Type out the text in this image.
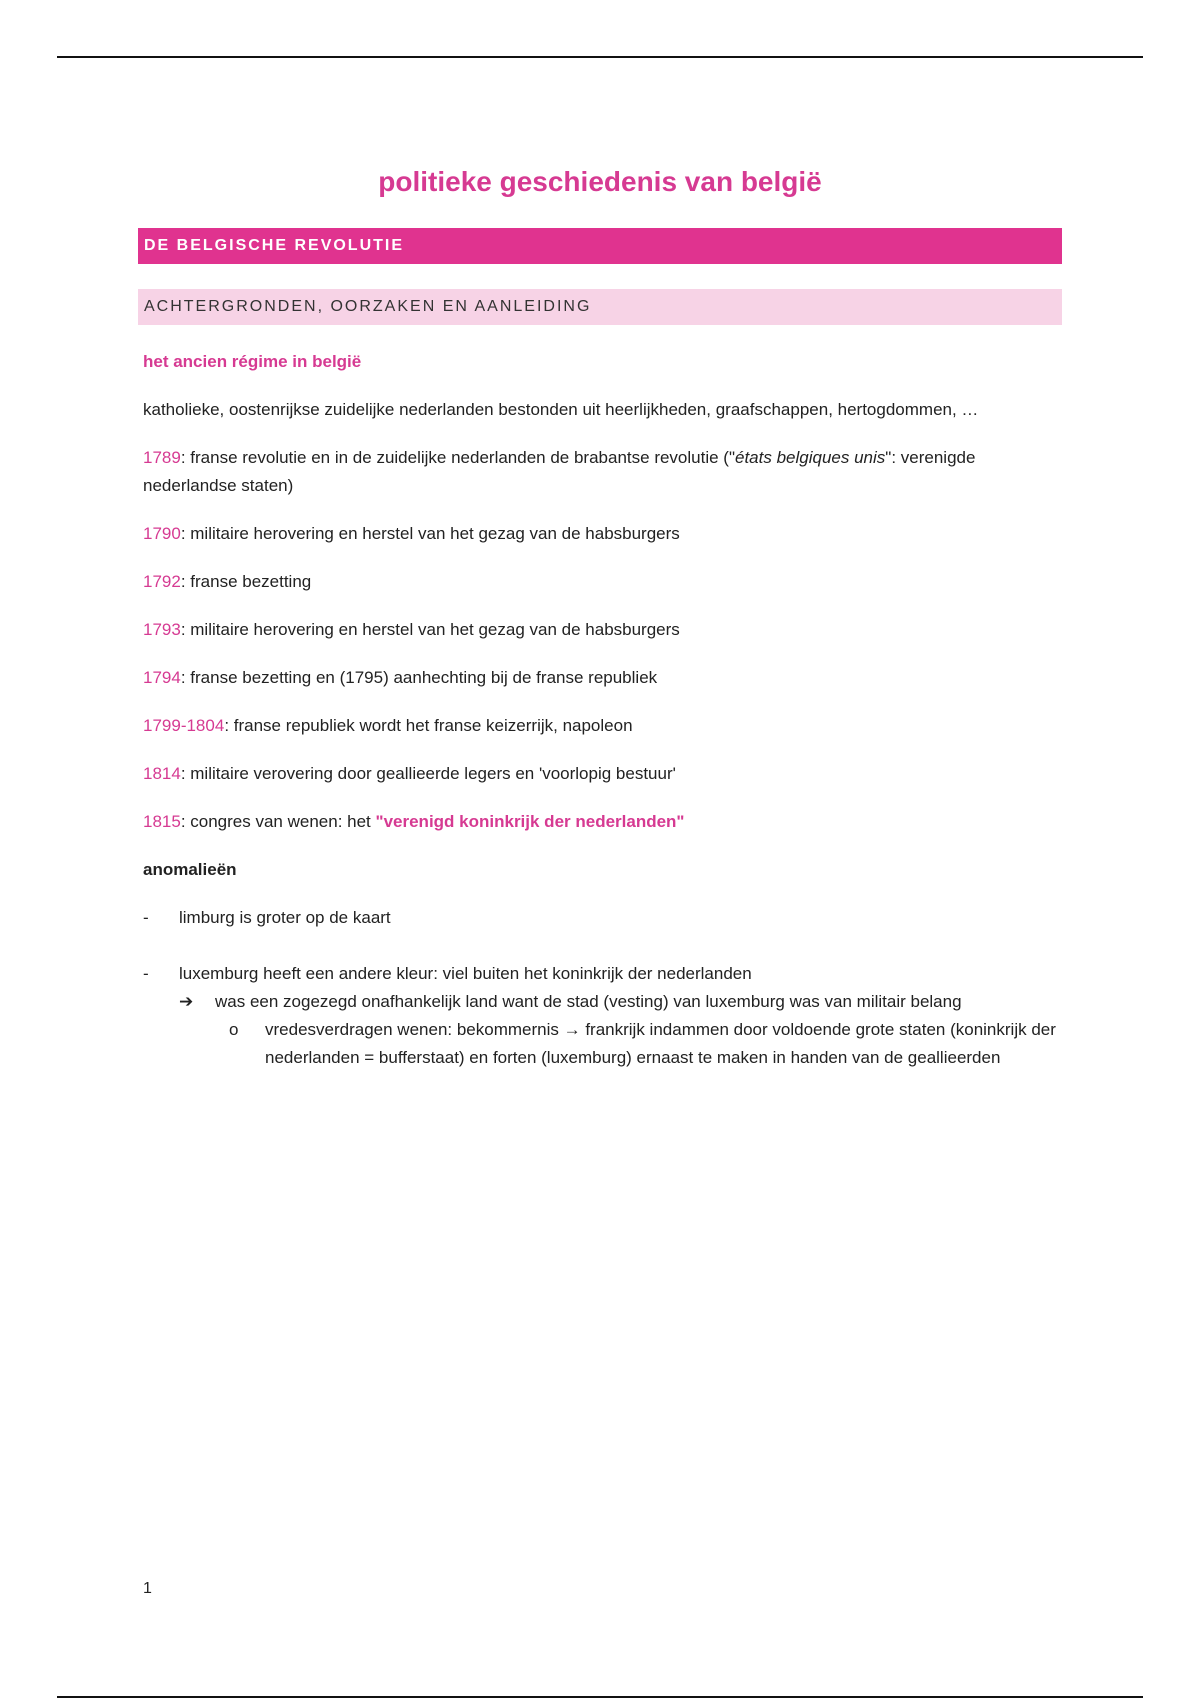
politieke geschiedenis van belgië
DE BELGISCHE REVOLUTIE
ACHTERGRONDEN, OORZAKEN EN AANLEIDING

het ancien régime in belgië

katholieke, oostenrijkse zuidelijke nederlanden bestonden uit heerlijkheden, graafschappen, hertogdommen, …

1789: franse revolutie en in de zuidelijke nederlanden de brabantse revolutie ("états belgiques unis": verenigde nederlandse staten)

1790: militaire herovering en herstel van het gezag van de habsburgers

1792: franse bezetting

1793: militaire herovering en herstel van het gezag van de habsburgers

1794: franse bezetting en (1795) aanhechting bij de franse republiek

1799-1804: franse republiek wordt het franse keizerrijk, napoleon

1814: militaire verovering door geallieerde legers en 'voorlopig bestuur'

1815: congres van wenen: het "verenigd koninkrijk der nederlanden"

anomalieën

- limburg is groter op de kaart

- luxemburg heeft een andere kleur: viel buiten het koninkrijk der nederlanden

➔ was een zogezegd onafhankelijk land want de stad (vesting) van luxemburg was van militair belang

o vredesverdragen wenen: bekommernis → frankrijk indammen door voldoende grote staten (koninkrijk der nederlanden = bufferstaat) en forten (luxemburg) ernaast te maken in handen van de geallieerden

1
